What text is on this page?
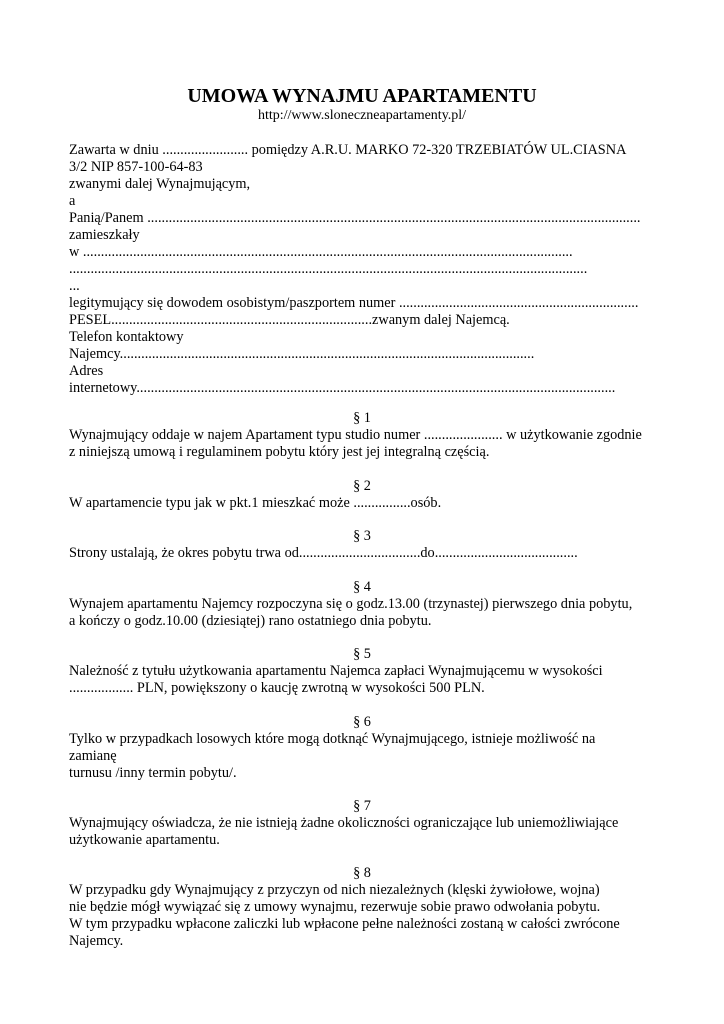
UMOWA WYNAJMU APARTAMENTU
http://www.sloneczneapartamenty.pl/
Zawarta w dniu ........................ pomiędzy A.R.U. MARKO 72-320 TRZEBIATÓW UL.CIASNA
3/2 NIP 857-100-64-83
zwanymi dalej Wynajmującym,
a
Panią/Panem ..........................................................................................................................................
zamieszkały
w .........................................................................................................................................
.................................................................................................................................................
...
legitymujący się dowodem osobistym/paszportem numer ...................................................................
PESEL.........................................................................zwanym dalej Najemcą.
Telefon kontaktowy
Najemcy....................................................................................................................
Adres
internetowy......................................................................................................................................
§ 1
Wynajmujący oddaje w najem Apartament typu studio numer ...................... w użytkowanie zgodnie
z niniejszą umową i regulaminem pobytu który jest jej integralną częścią.
§ 2
W apartamencie typu jak w pkt.1 mieszkać może ................osób.
§ 3
Strony ustalają, że okres pobytu trwa od..................................do........................................
§ 4
Wynajem apartamentu Najemcy rozpoczyna się o godz.13.00 (trzynastej) pierwszego dnia pobytu,
a kończy o godz.10.00 (dziesiątej) rano ostatniego dnia pobytu.
§ 5
Należność z tytułu użytkowania apartamentu Najemca zapłaci Wynajmującemu w wysokości
.................. PLN, powiększony o kaucję zwrotną w wysokości 500 PLN.
§ 6
Tylko w przypadkach losowych które mogą dotknąć Wynajmującego, istnieje możliwość na
zamianę
turnusu /inny termin pobytu/.
§ 7
Wynajmujący oświadcza, że nie istnieją żadne okoliczności ograniczające lub uniemożliwiające
użytkowanie apartamentu.
§ 8
W przypadku gdy Wynajmujący z przyczyn od nich niezależnych (klęski żywiołowe, wojna)
nie będzie mógł wywiązać się z umowy wynajmu, rezerwuje sobie prawo odwołania pobytu.
W tym przypadku wpłacone zaliczki lub wpłacone pełne należności zostaną w całości zwrócone
Najemcy.
